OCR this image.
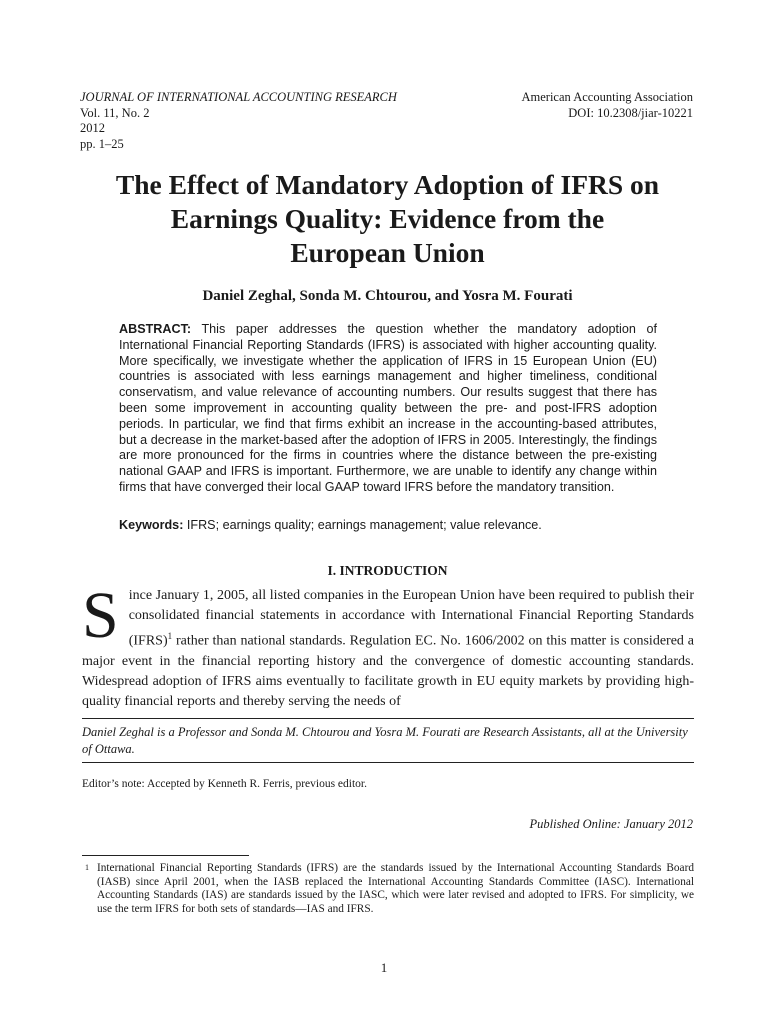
JOURNAL OF INTERNATIONAL ACCOUNTING RESEARCH
Vol. 11, No. 2
2012
pp. 1–25
American Accounting Association
DOI: 10.2308/jiar-10221
The Effect of Mandatory Adoption of IFRS on
Earnings Quality: Evidence from the
European Union
Daniel Zeghal, Sonda M. Chtourou, and Yosra M. Fourati
ABSTRACT: This paper addresses the question whether the mandatory adoption of International Financial Reporting Standards (IFRS) is associated with higher accounting quality. More specifically, we investigate whether the application of IFRS in 15 European Union (EU) countries is associated with less earnings management and higher timeliness, conditional conservatism, and value relevance of accounting numbers. Our results suggest that there has been some improvement in accounting quality between the pre- and post-IFRS adoption periods. In particular, we find that firms exhibit an increase in the accounting-based attributes, but a decrease in the market-based after the adoption of IFRS in 2005. Interestingly, the findings are more pronounced for the firms in countries where the distance between the pre-existing national GAAP and IFRS is important. Furthermore, we are unable to identify any change within firms that have converged their local GAAP toward IFRS before the mandatory transition.
Keywords: IFRS; earnings quality; earnings management; value relevance.
I. INTRODUCTION
Since January 1, 2005, all listed companies in the European Union have been required to publish their consolidated financial statements in accordance with International Financial Reporting Standards (IFRS)$^1$ rather than national standards. Regulation EC. No. 1606/2002 on this matter is considered a major event in the financial reporting history and the convergence of domestic accounting standards. Widespread adoption of IFRS aims eventually to facilitate growth in EU equity markets by providing high-quality financial reports and thereby serving the needs of
Daniel Zeghal is a Professor and Sonda M. Chtourou and Yosra M. Fourati are Research Assistants, all at the University of Ottawa.
Editor’s note: Accepted by Kenneth R. Ferris, previous editor.
Published Online: January 2012
1 International Financial Reporting Standards (IFRS) are the standards issued by the International Accounting Standards Board (IASB) since April 2001, when the IASB replaced the International Accounting Standards Committee (IASC). International Accounting Standards (IAS) are standards issued by the IASC, which were later revised and adopted to IFRS. For simplicity, we use the term IFRS for both sets of standards—IAS and IFRS.
1
